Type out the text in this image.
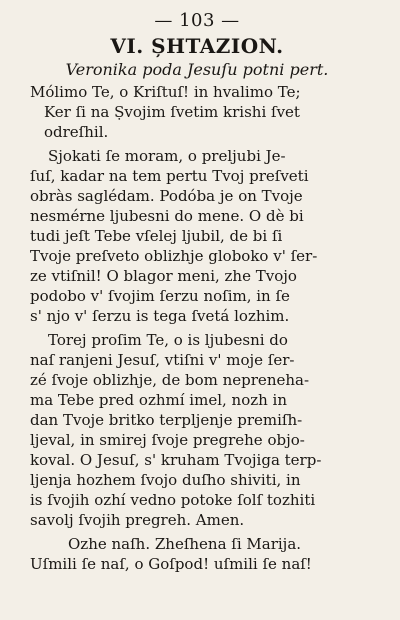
— 103 —
VI. ȘHTAZION.
Veronika poda Jesuſu potni pert.
Mólimo Te, o Kriſtuſ! in hvalimo Te;
Ker ſi na Ṣvojim ſvetim krishi ſvet
odreſhil.
Sjokati ſe moram, o preljubi Je-
ſuſ, kadar na tem pertu Tvoj preſveti
obràs saglédam. Podóba je on Tvoje
nesmérne ljubesni do mene. O dè bi
tudi jeſt Tebe vſelej ljubil, de bi ſi
Tvoje preſveto oblizhje globoko v' ſer-
ze vtiſnil! O blagor meni, zhe Tvojo
podobo v' ſvojim ſerzu noſim, in ſe
s' njo v' ſerzu is tega ſvetá lozhim.
Torej proſim Te, o is ljubesni do
naſ ranjeni Jesuſ, vtiſni v' moje ſer-
zé ſvoje oblizhje, de bom nepreneha-
ma Tebe pred ozhmí imel, nozh in
dan Tvoje britko terpljenje premiſh-
ljeval, in smirej ſvoje pregrehe objo-
koval. O Jesuſ, s' kruham Tvojiga terp-
ljenja hozhem ſvojo duſho shiviti, in
is ſvojih ozhí vedno potoke ſolſ tozhiti
savolj ſvojih pregreh. Amen.
Ozhe naſh. Zheſhena ſi Marija.
Uſmili ſe naſ, o Goſpod! uſmili ſe naſ!
